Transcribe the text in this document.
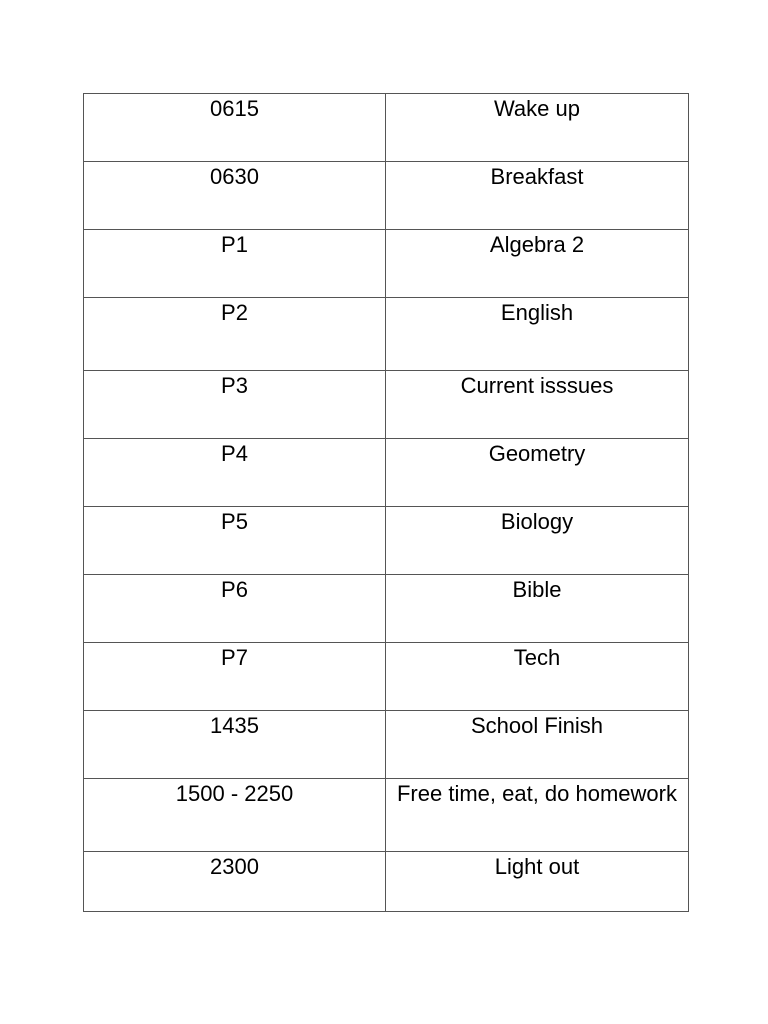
0615	Wake up
0630	Breakfast
P1	Algebra 2
P2	English
P3	Current isssues
P4	Geometry
P5	Biology
P6	Bible
P7	Tech
1435	School Finish
1500 - 2250	Free time, eat, do homework
2300	Light out
